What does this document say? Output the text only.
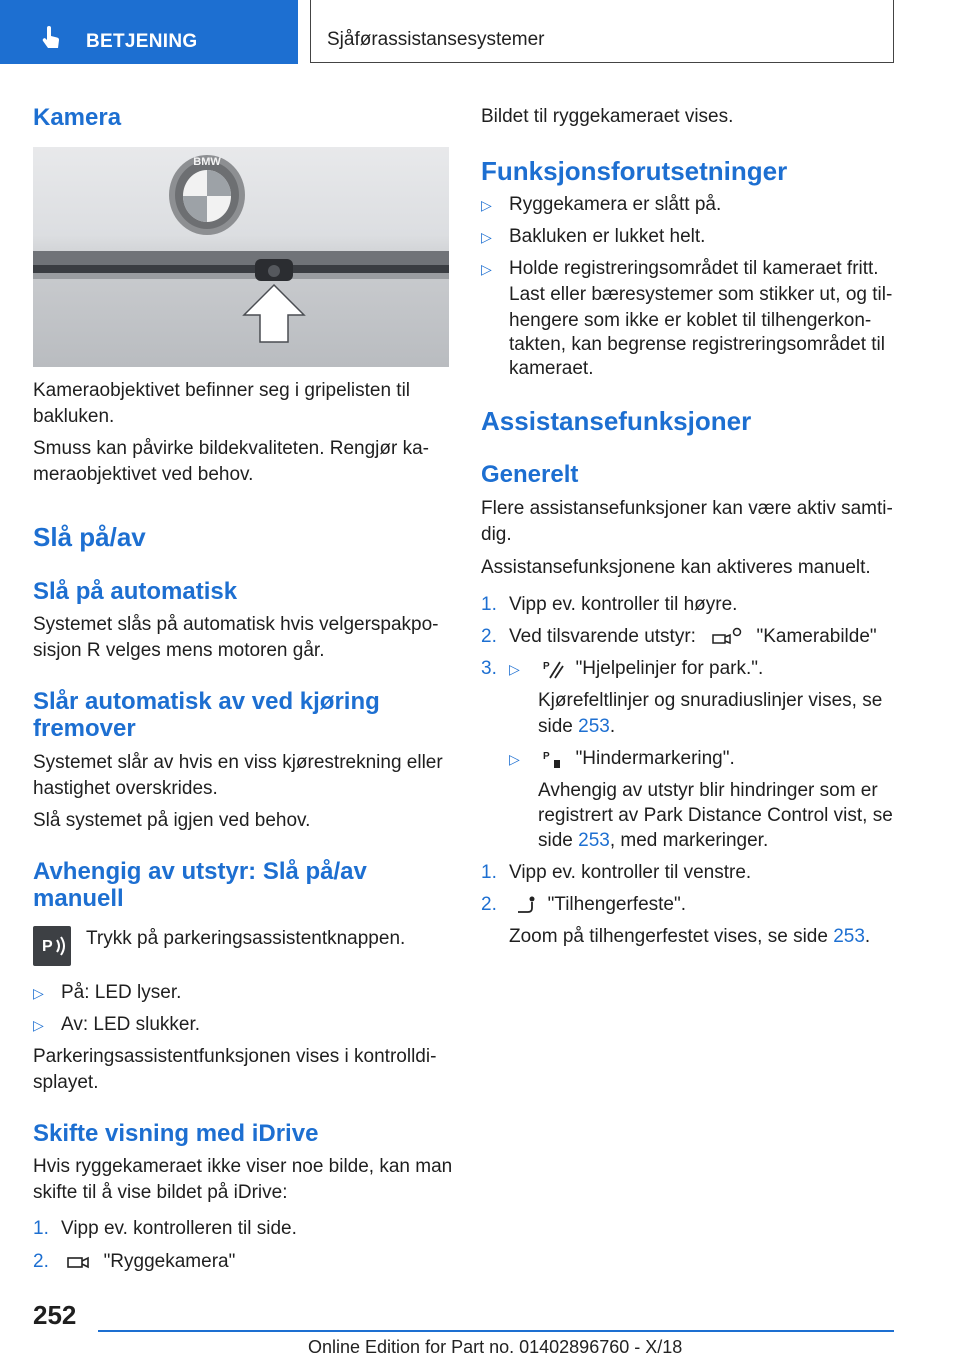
BETJENING	Sjåførassistansesystemer
Kamera
BMW

Kameraobjektivet befinner seg i gripelisten til

bakluken.

Smuss kan påvirke bildekvaliteten. Rengjør ka-

meraobjektivet ved behov.

Slå på/av
Slå på automatisk

Systemet slås på automatisk hvis velgerspakpo-

sisjon R velges mens motoren går.

Slår automatisk av ved kjøring
fremover

Systemet slår av hvis en viss kjørestrekning eller

hastighet overskrides.

Slå systemet på igjen ved behov.

Avhengig av utstyr: Slå på/av
manuell
P Trykk på parkeringsassistentknappen.

▷ På: LED lyser.
▷ Av: LED slukker.

Parkeringsassistentfunksjonen vises i kontrolldi-

splayet.

Skifte visning med iDrive

Hvis ryggekameraet ikke viser noe bilde, kan man

skifte til å vise bildet på iDrive:

1. Vipp ev. kontrolleren til side.
2.	"Ryggekamera"

Bildet til ryggekameraet vises.

Funksjonsforutsetninger
▷ Ryggekamera er slått på.
▷ Bakluken er lukket helt.
▷ Holde registreringsområdet til kameraet fritt.

Last eller bæresystemer som stikker ut, og til-

hengere som ikke er koblet til tilhengerkon-

takten, kan begrense registreringsområdet til

kameraet.

Assistansefunksjoner
Generelt

Flere assistansefunksjoner kan være aktiv samti-

dig.

Assistansefunksjonene kan aktiveres manuelt.

1. Vipp ev. kontroller til høyre.
2. Ved tilsvarende utstyr:	"Kamerabilde"
3. ▷ P "Hjelpelinjer for park.".

Kjørefeltlinjer og snuradiuslinjer vises, se

side 253.

▷ P "Hindermarkering".

Avhengig av utstyr blir hindringer som er

registrert av Park Distance Control vist, se

side 253, med markeringer.

1. Vipp ev. kontroller til venstre.
2.	"Tilhengerfeste".

Zoom på tilhengerfestet vises, se side 253.

252
Online Edition for Part no. 01402896760 - X/18
